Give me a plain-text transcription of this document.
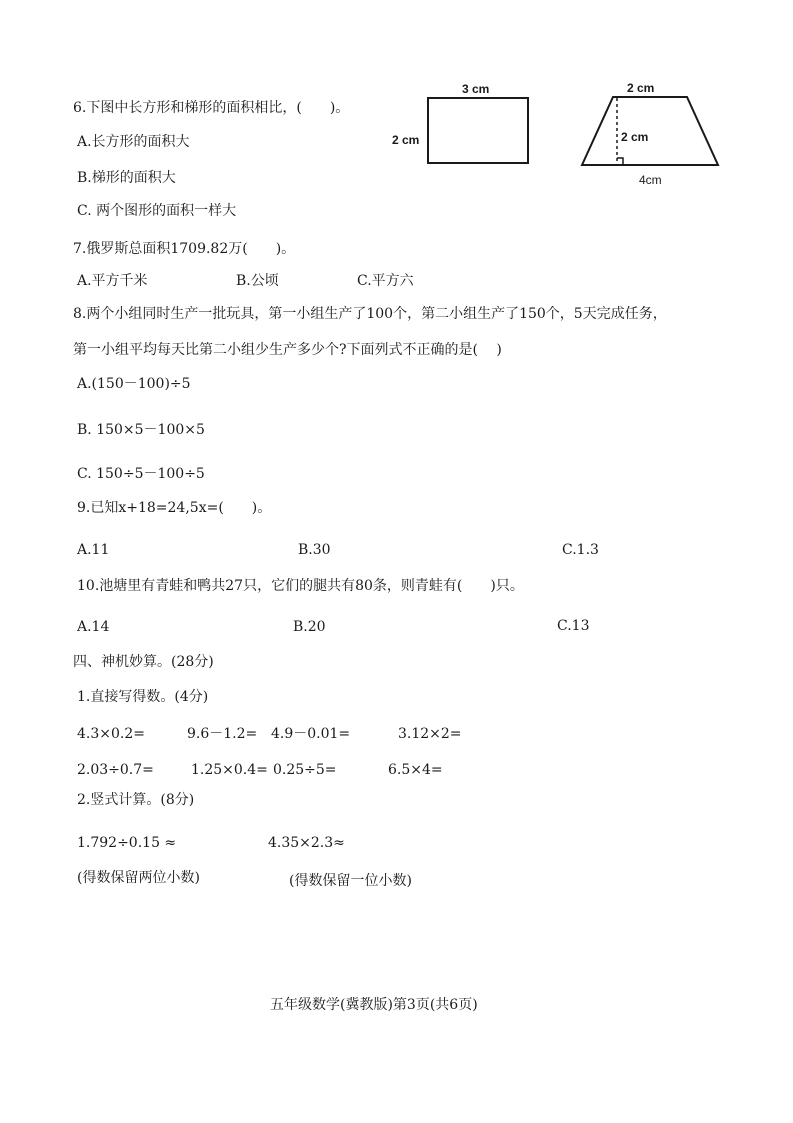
6.下图中长方形和梯形的面积相比，(　　)。
A.长方形的面积大
B.梯形的面积大
C. 两个图形的面积一样大
3 cm
2 cm
2 cm
2 cm
4cm
7.俄罗斯总面积1709.82万(　　)。
A.平方千米	B.公顷	C.平方六
8.两个小组同时生产一批玩具，第一小组生产了100个，第二小组生产了150个，5天完成任务，
第一小组平均每天比第二小组少生产多少个?下面列式不正确的是(　 )
A.(150－100)÷5
B. 150×5－100×5
C. 150÷5－100÷5
9.已知x+18=24,5x=(　　)。
A.11	B.30	C.1.3
10.池塘里有青蛙和鸭共27只，它们的腿共有80条，则青蛙有(　　)只。
A.14	B.20	C.13
四、神机妙算。(28分)
1.直接写得数。(4分)
4.3×0.2=	9.6－1.2= 4.9－0.01=	3.12×2=
2.03÷0.7=	1.25×0.4= 0.25÷5=	6.5×4=
2.竖式计算。(8分)
1.792÷0.15 ≈	4.35×2.3≈
(得数保留两位小数)	(得数保留一位小数)
五年级数学(冀教版)第3页(共6页)
